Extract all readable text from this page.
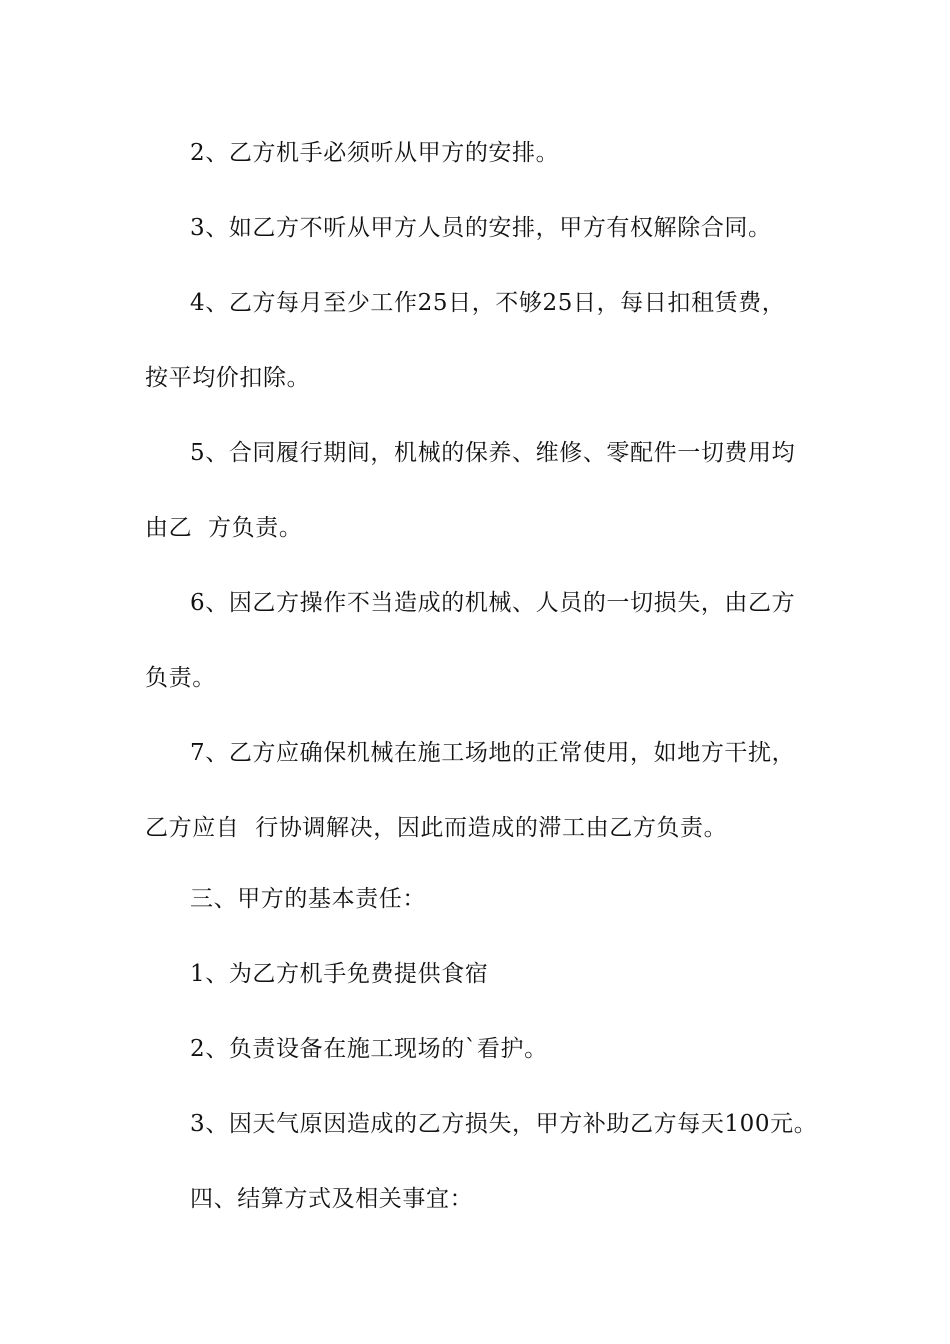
2、乙方机手必须听从甲方的安排。
3、如乙方不听从甲方人员的安排，甲方有权解除合同。
4、乙方每月至少工作25日，不够25日，每日扣租赁费，
按平均价扣除。
5、合同履行期间，机械的保养、维修、零配件一切费用均
由乙  方负责。
6、因乙方操作不当造成的机械、人员的一切损失，由乙方
负责。
7、乙方应确保机械在施工场地的正常使用，如地方干扰，
乙方应自  行协调解决，因此而造成的滞工由乙方负责。
三、甲方的基本责任：
1、为乙方机手免费提供食宿
2、负责设备在施工现场的`看护。
3、因天气原因造成的乙方损失，甲方补助乙方每天100元。
四、结算方式及相关事宜：
